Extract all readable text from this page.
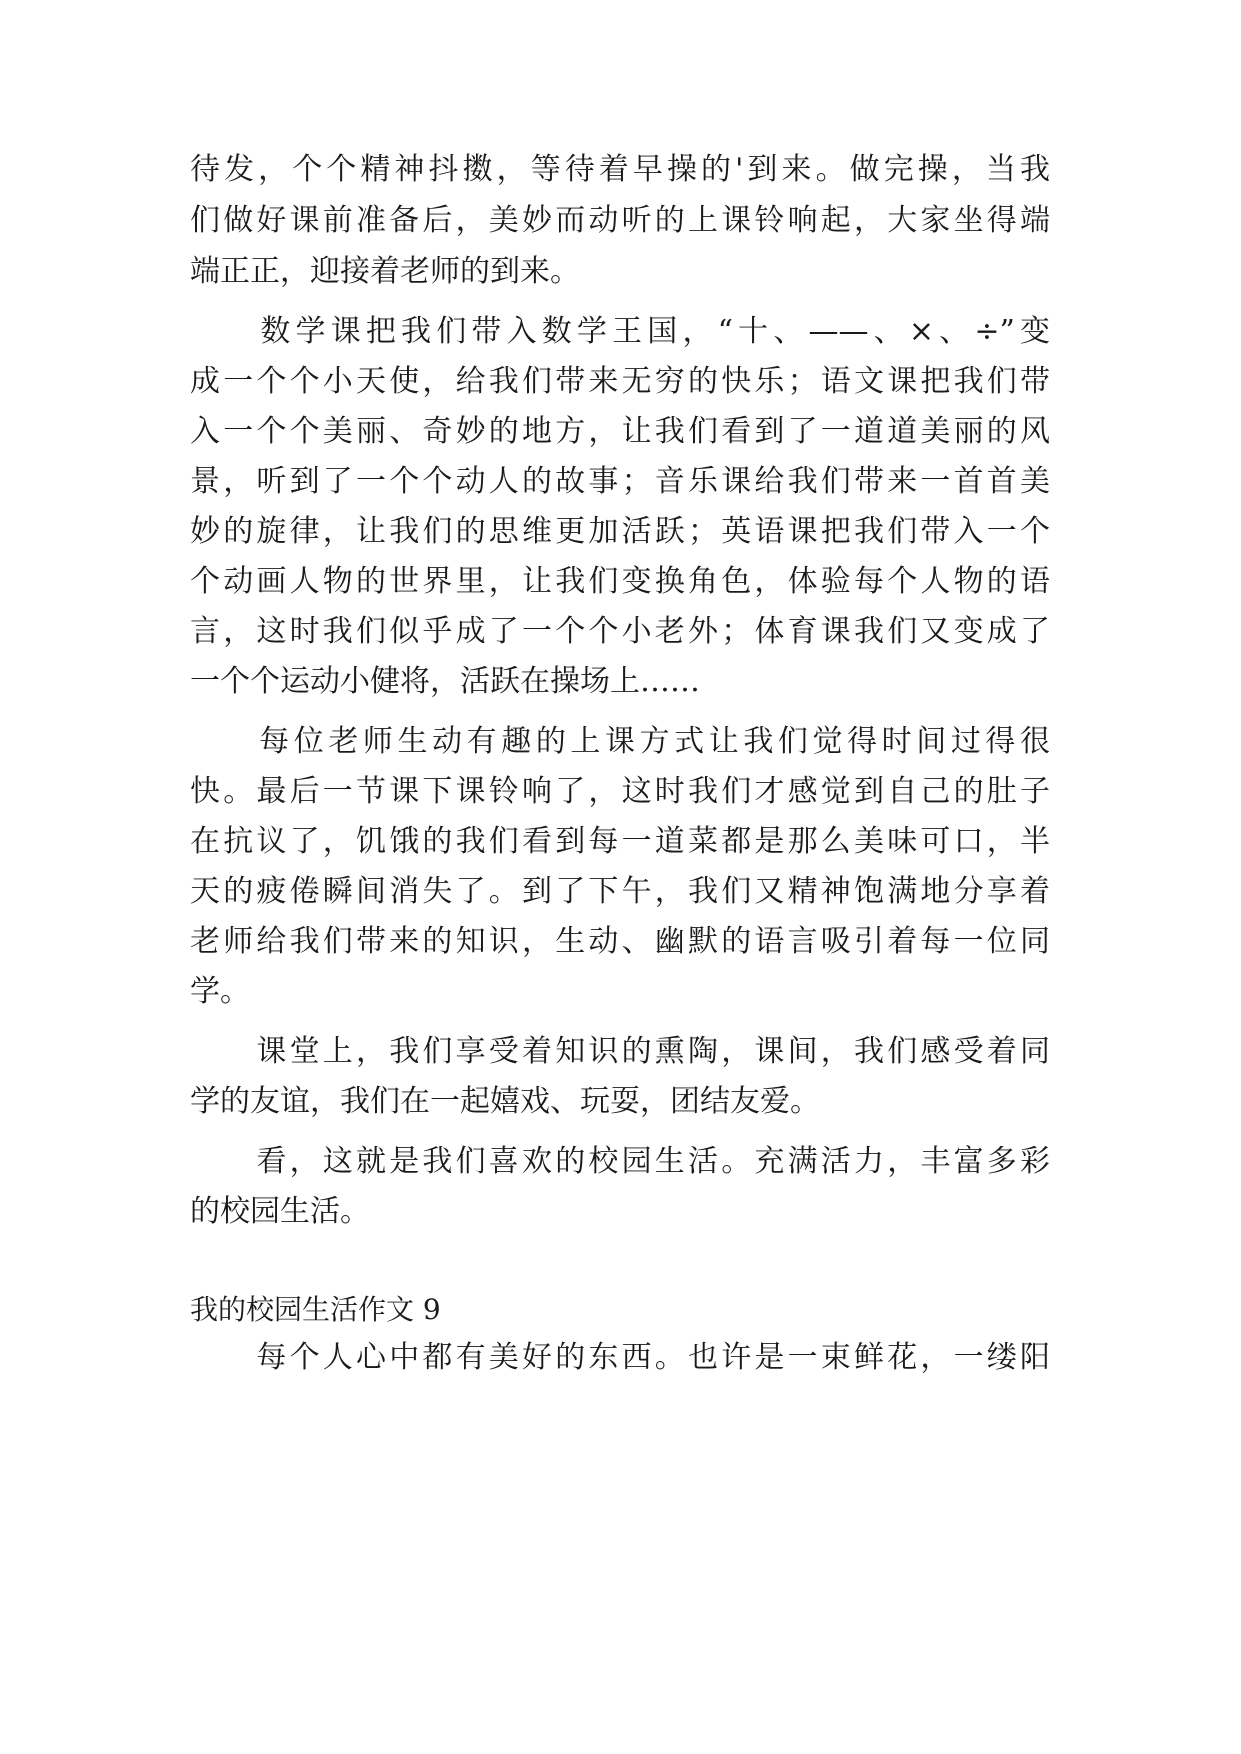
待发，个个精神抖擞，等待着早操的'到来。做完操，当我

们做好课前准备后，美妙而动听的上课铃响起，大家坐得端

端正正，迎接着老师的到来。

　　数学课把我们带入数学王国，“十、——、×、÷”变

成一个个小天使，给我们带来无穷的快乐；语文课把我们带

入一个个美丽、奇妙的地方，让我们看到了一道道美丽的风

景，听到了一个个动人的故事；音乐课给我们带来一首首美

妙的旋律，让我们的思维更加活跃；英语课把我们带入一个

个动画人物的世界里，让我们变换角色，体验每个人物的语

言，这时我们似乎成了一个个小老外；体育课我们又变成了

一个个运动小健将，活跃在操场上……

　　每位老师生动有趣的上课方式让我们觉得时间过得很

快。最后一节课下课铃响了，这时我们才感觉到自己的肚子

在抗议了，饥饿的我们看到每一道菜都是那么美味可口，半

天的疲倦瞬间消失了。到了下午，我们又精神饱满地分享着

老师给我们带来的知识，生动、幽默的语言吸引着每一位同

学。

　　课堂上，我们享受着知识的熏陶，课间，我们感受着同

学的友谊，我们在一起嬉戏、玩耍，团结友爱。

　　看，这就是我们喜欢的校园生活。充满活力，丰富多彩

的校园生活。

我的校园生活作文 9

　　每个人心中都有美好的东西。也许是一束鲜花，一缕阳
